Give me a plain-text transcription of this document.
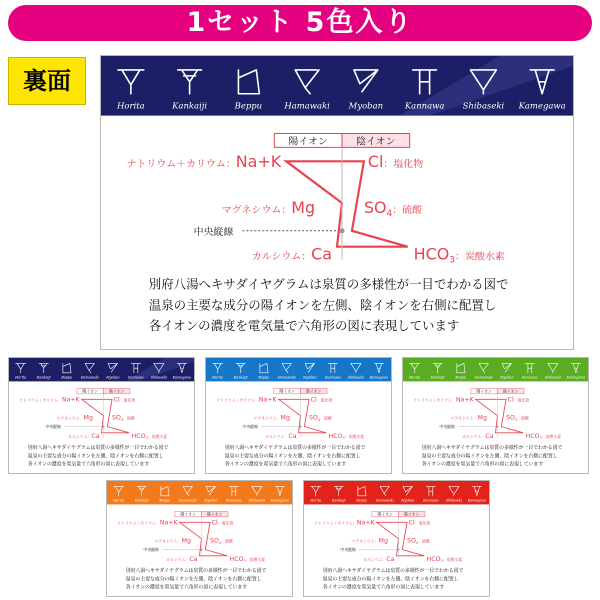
1セット 5色入り
裏面
Horita	Kankaiji	Beppu	Hamawaki Myoban	Kannawa Shibaseki Kamegawa
陽イオン	陰イオン
ナトリウム＋カリウム：Na+K
マグネシウム：Mg
カルシウム：Ca
Cl：塩化物
SO4：硫酸
HCO3：炭酸水素
中央縦線
別府八湯へキサダイヤグラムは泉質の多様性が一目でわかる図で
温泉の主要な成分の陽イオンを左側、陰イオンを右側に配置し
各イオンの濃度を電気量で六角形の図に表現しています
Horita Kankaiji Beppu Hamawaki Myoban Kannawa Shibaseki Kamegawa
陽イオン 陰イオン
ナトリウム＋カリウム：Na+K
マグネシウム：Mg
カルシウム：Ca
Cl：塩化物
SO4：硫酸
HCO3：炭酸水素
中央縦線
別府八湯へキサダイヤグラムは泉質の多様性が一目でわかる図で
温泉の主要な成分の陽イオンを左側、陰イオンを右側に配置し
各イオンの濃度を電気量で六角形の図に表現しています
Horita Kankaiji Beppu Hamawaki Myoban Kannawa Shibaseki Kamegawa
陽イオン 陰イオン
ナトリウム＋カリウム：Na+K
マグネシウム：Mg
カルシウム：Ca
Cl：塩化物
SO4：硫酸
HCO3：炭酸水素
中央縦線
別府八湯へキサダイヤグラムは泉質の多様性が一目でわかる図で
温泉の主要な成分の陽イオンを左側、陰イオンを右側に配置し
各イオンの濃度を電気量で六角形の図に表現しています
Horita Kankaiji Beppu Hamawaki Myoban Kannawa Shibaseki Kamegawa
陽イオン 陰イオン
ナトリウム＋カリウム：Na+K
マグネシウム：Mg
カルシウム：Ca
Cl：塩化物
SO4：硫酸
HCO3：炭酸水素
中央縦線
別府八湯へキサダイヤグラムは泉質の多様性が一目でわかる図で
温泉の主要な成分の陽イオンを左側、陰イオンを右側に配置し
各イオンの濃度を電気量で六角形の図に表現しています
Horita Kankaiji Beppu Hamawaki Myoban Kannawa Shibaseki Kamegawa
陽イオン 陰イオン
ナトリウム＋カリウム：Na+K
マグネシウム：Mg
カルシウム：Ca
Cl：塩化物
SO4：硫酸
HCO3：炭酸水素
中央縦線
別府八湯へキサダイヤグラムは泉質の多様性が一目でわかる図で
温泉の主要な成分の陽イオンを左側、陰イオンを右側に配置し
各イオンの濃度を電気量で六角形の図に表現しています
Horita Kankaiji Beppu Hamawaki Myoban Kannawa Shibaseki Kamegawa
陽イオン 陰イオン
ナトリウム＋カリウム：Na+K
マグネシウム：Mg
カルシウム：Ca
Cl：塩化物
SO4：硫酸
HCO3：炭酸水素
中央縦線
別府八湯へキサダイヤグラムは泉質の多様性が一目でわかる図で
温泉の主要な成分の陽イオンを左側、陰イオンを右側に配置し
各イオンの濃度を電気量で六角形の図に表現しています
